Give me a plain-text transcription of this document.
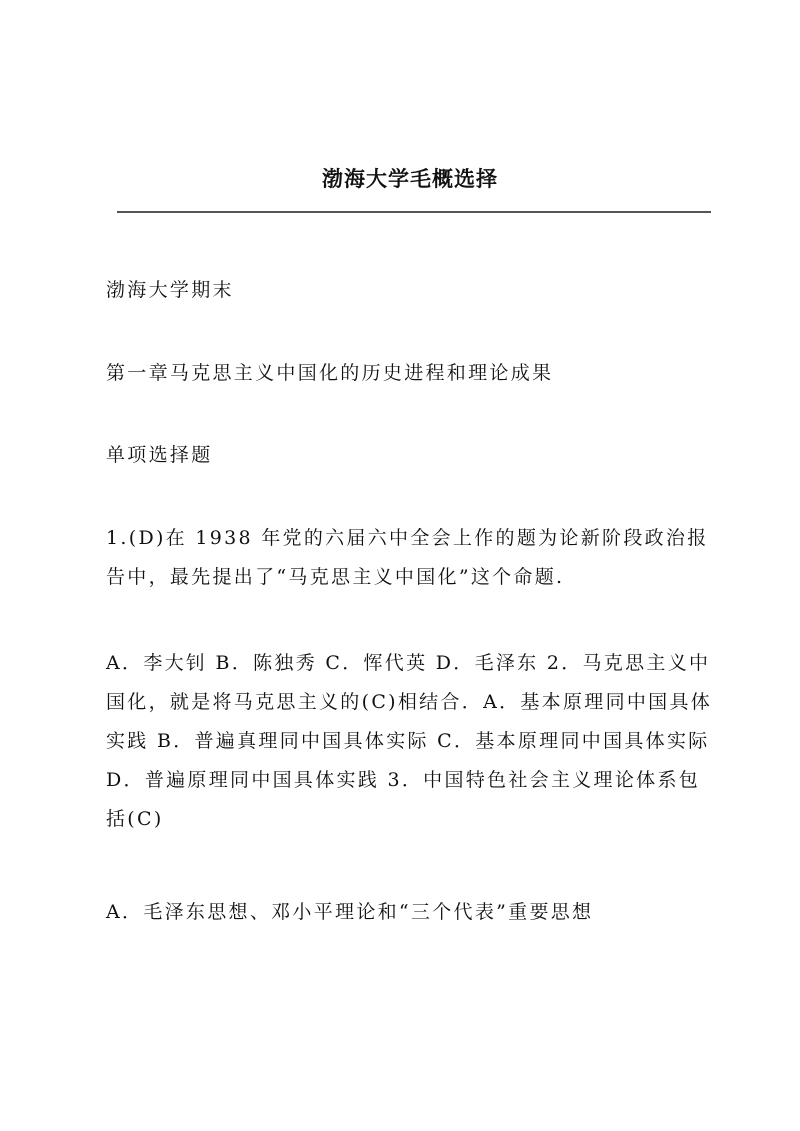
渤海大学毛概选择

渤海大学期末

第一章马克思主义中国化的历史进程和理论成果

单项选择题

1.(D)在 1938 年党的六届六中全会上作的题为论新阶段政治报告中，最先提出了“马克思主义中国化”这个命题.

A．李大钊 B．陈独秀 C．恽代英 D．毛泽东 2．马克思主义中国化，就是将马克思主义的(C)相结合．A．基本原理同中国具体实践 B．普遍真理同中国具体实际 C．基本原理同中国具体实际 D．普遍原理同中国具体实践 3．中国特色社会主义理论体系包括(C)

A．毛泽东思想、邓小平理论和“三个代表”重要思想
